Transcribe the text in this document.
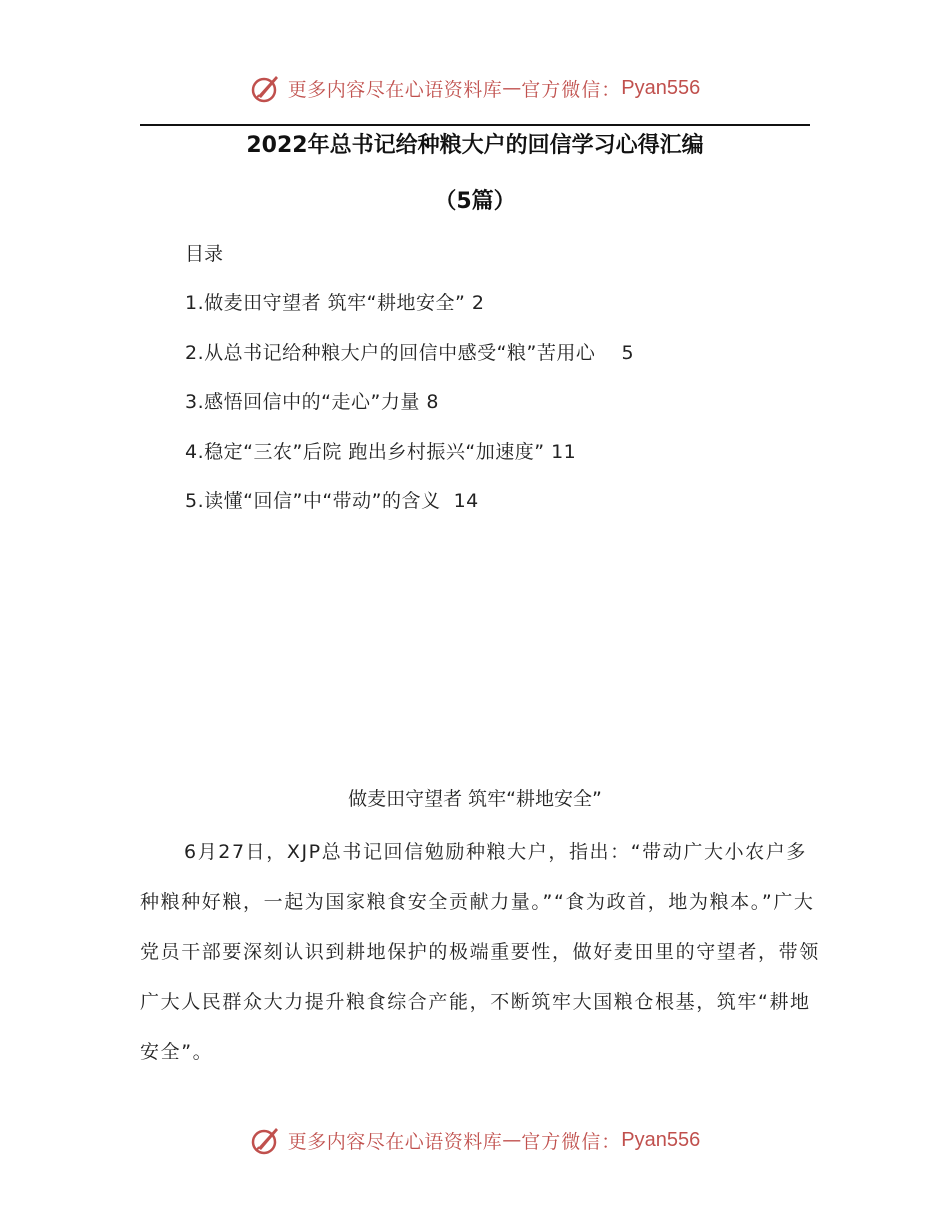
更多内容尽在心语资料库 — 官方微信： Pyan556
2022年总书记给种粮大户的回信学习心得汇编
（5篇）
目录
1.做麦田守望者 筑牢“耕地安全” 2
2.从总书记给种粮大户的回信中感受“粮”苦用心    5
3.感悟回信中的“走心”力量 8
4.稳定“三农”后院 跑出乡村振兴“加速度” 11
5.读懂“回信”中“带动”的含义  14
做麦田守望者 筑牢“耕地安全”

6月27日，XJP总书记回信勉励种粮大户，指出：“带动广大小农户多种粮种好粮，一起为国家粮食安全贡献力量。”“食为政首，地为粮本。”广大党员干部要深刻认识到耕地保护的极端重要性，做好麦田里的守望者，带领广大人民群众大力提升粮食综合产能，不断筑牢大国粮仓根基，筑牢“耕地安全”。

更多内容尽在心语资料库 — 官方微信： Pyan556
